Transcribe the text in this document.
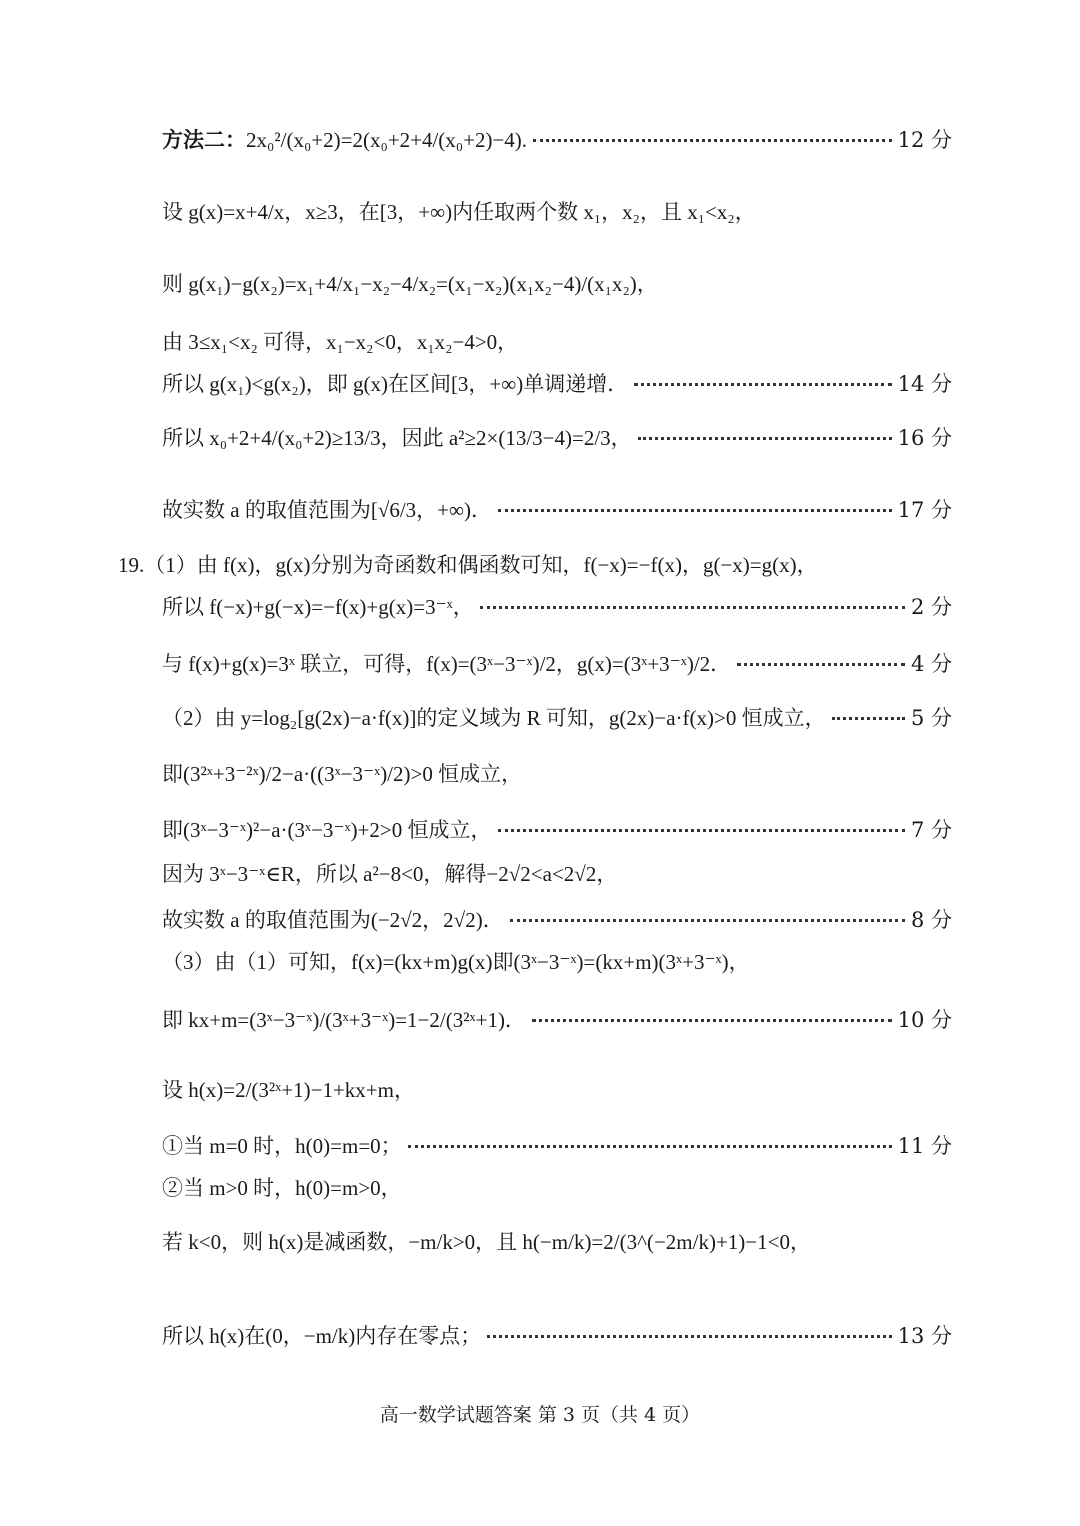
方法二： 2x₀²/(x₀+2)=2(x₀+2+4/(x₀+2)−4).	12 分
设 g(x)=x+4/x，x≥3，在[3，+∞)内任取两个数 x₁，x₂，且 x₁<x₂，
则 g(x₁)−g(x₂)=x₁+4/x₁−x₂−4/x₂=(x₁−x₂)(x₁x₂−4)/(x₁x₂)，
由 3≤x₁<x₂ 可得，x₁−x₂<0，x₁x₂−4>0，
所以 g(x₁)<g(x₂)，即 g(x)在区间[3，+∞)单调递增．	14 分
所以 x₀+2+4/(x₀+2)≥13/3，因此 a²≥2×(13/3−4)=2/3，	16 分
故实数 a 的取值范围为[√6/3，+∞)．	17 分
19.（1）由 f(x)，g(x)分别为奇函数和偶函数可知，f(−x)=−f(x)，g(−x)=g(x)，
所以 f(−x)+g(−x)=−f(x)+g(x)=3⁻ˣ，	2 分
与 f(x)+g(x)=3ˣ 联立，可得，f(x)=(3ˣ−3⁻ˣ)/2，g(x)=(3ˣ+3⁻ˣ)/2．	4 分
（2）由 y=log₂[g(2x)−a·f(x)]的定义域为 R 可知，g(2x)−a·f(x)>0 恒成立，	5 分
即(3²ˣ+3⁻²ˣ)/2−a·((3ˣ−3⁻ˣ)/2)>0 恒成立，
即(3ˣ−3⁻ˣ)²−a·(3ˣ−3⁻ˣ)+2>0 恒成立，	7 分
因为 3ˣ−3⁻ˣ∈R，所以 a²−8<0，解得−2√2<a<2√2，
故实数 a 的取值范围为(−2√2，2√2)．	8 分
（3）由（1）可知，f(x)=(kx+m)g(x)即(3ˣ−3⁻ˣ)=(kx+m)(3ˣ+3⁻ˣ)，
即 kx+m=(3ˣ−3⁻ˣ)/(3ˣ+3⁻ˣ)=1−2/(3²ˣ+1)．	10 分
设 h(x)=2/(3²ˣ+1)−1+kx+m，
①当 m=0 时，h(0)=m=0；	11 分
②当 m>0 时，h(0)=m>0，
若 k<0，则 h(x)是减函数，−m/k>0，且 h(−m/k)=2/(3^(−2m/k)+1)−1<0，
所以 h(x)在(0，−m/k)内存在零点；	13 分
高一数学试题答案 第 3 页（共 4 页）
